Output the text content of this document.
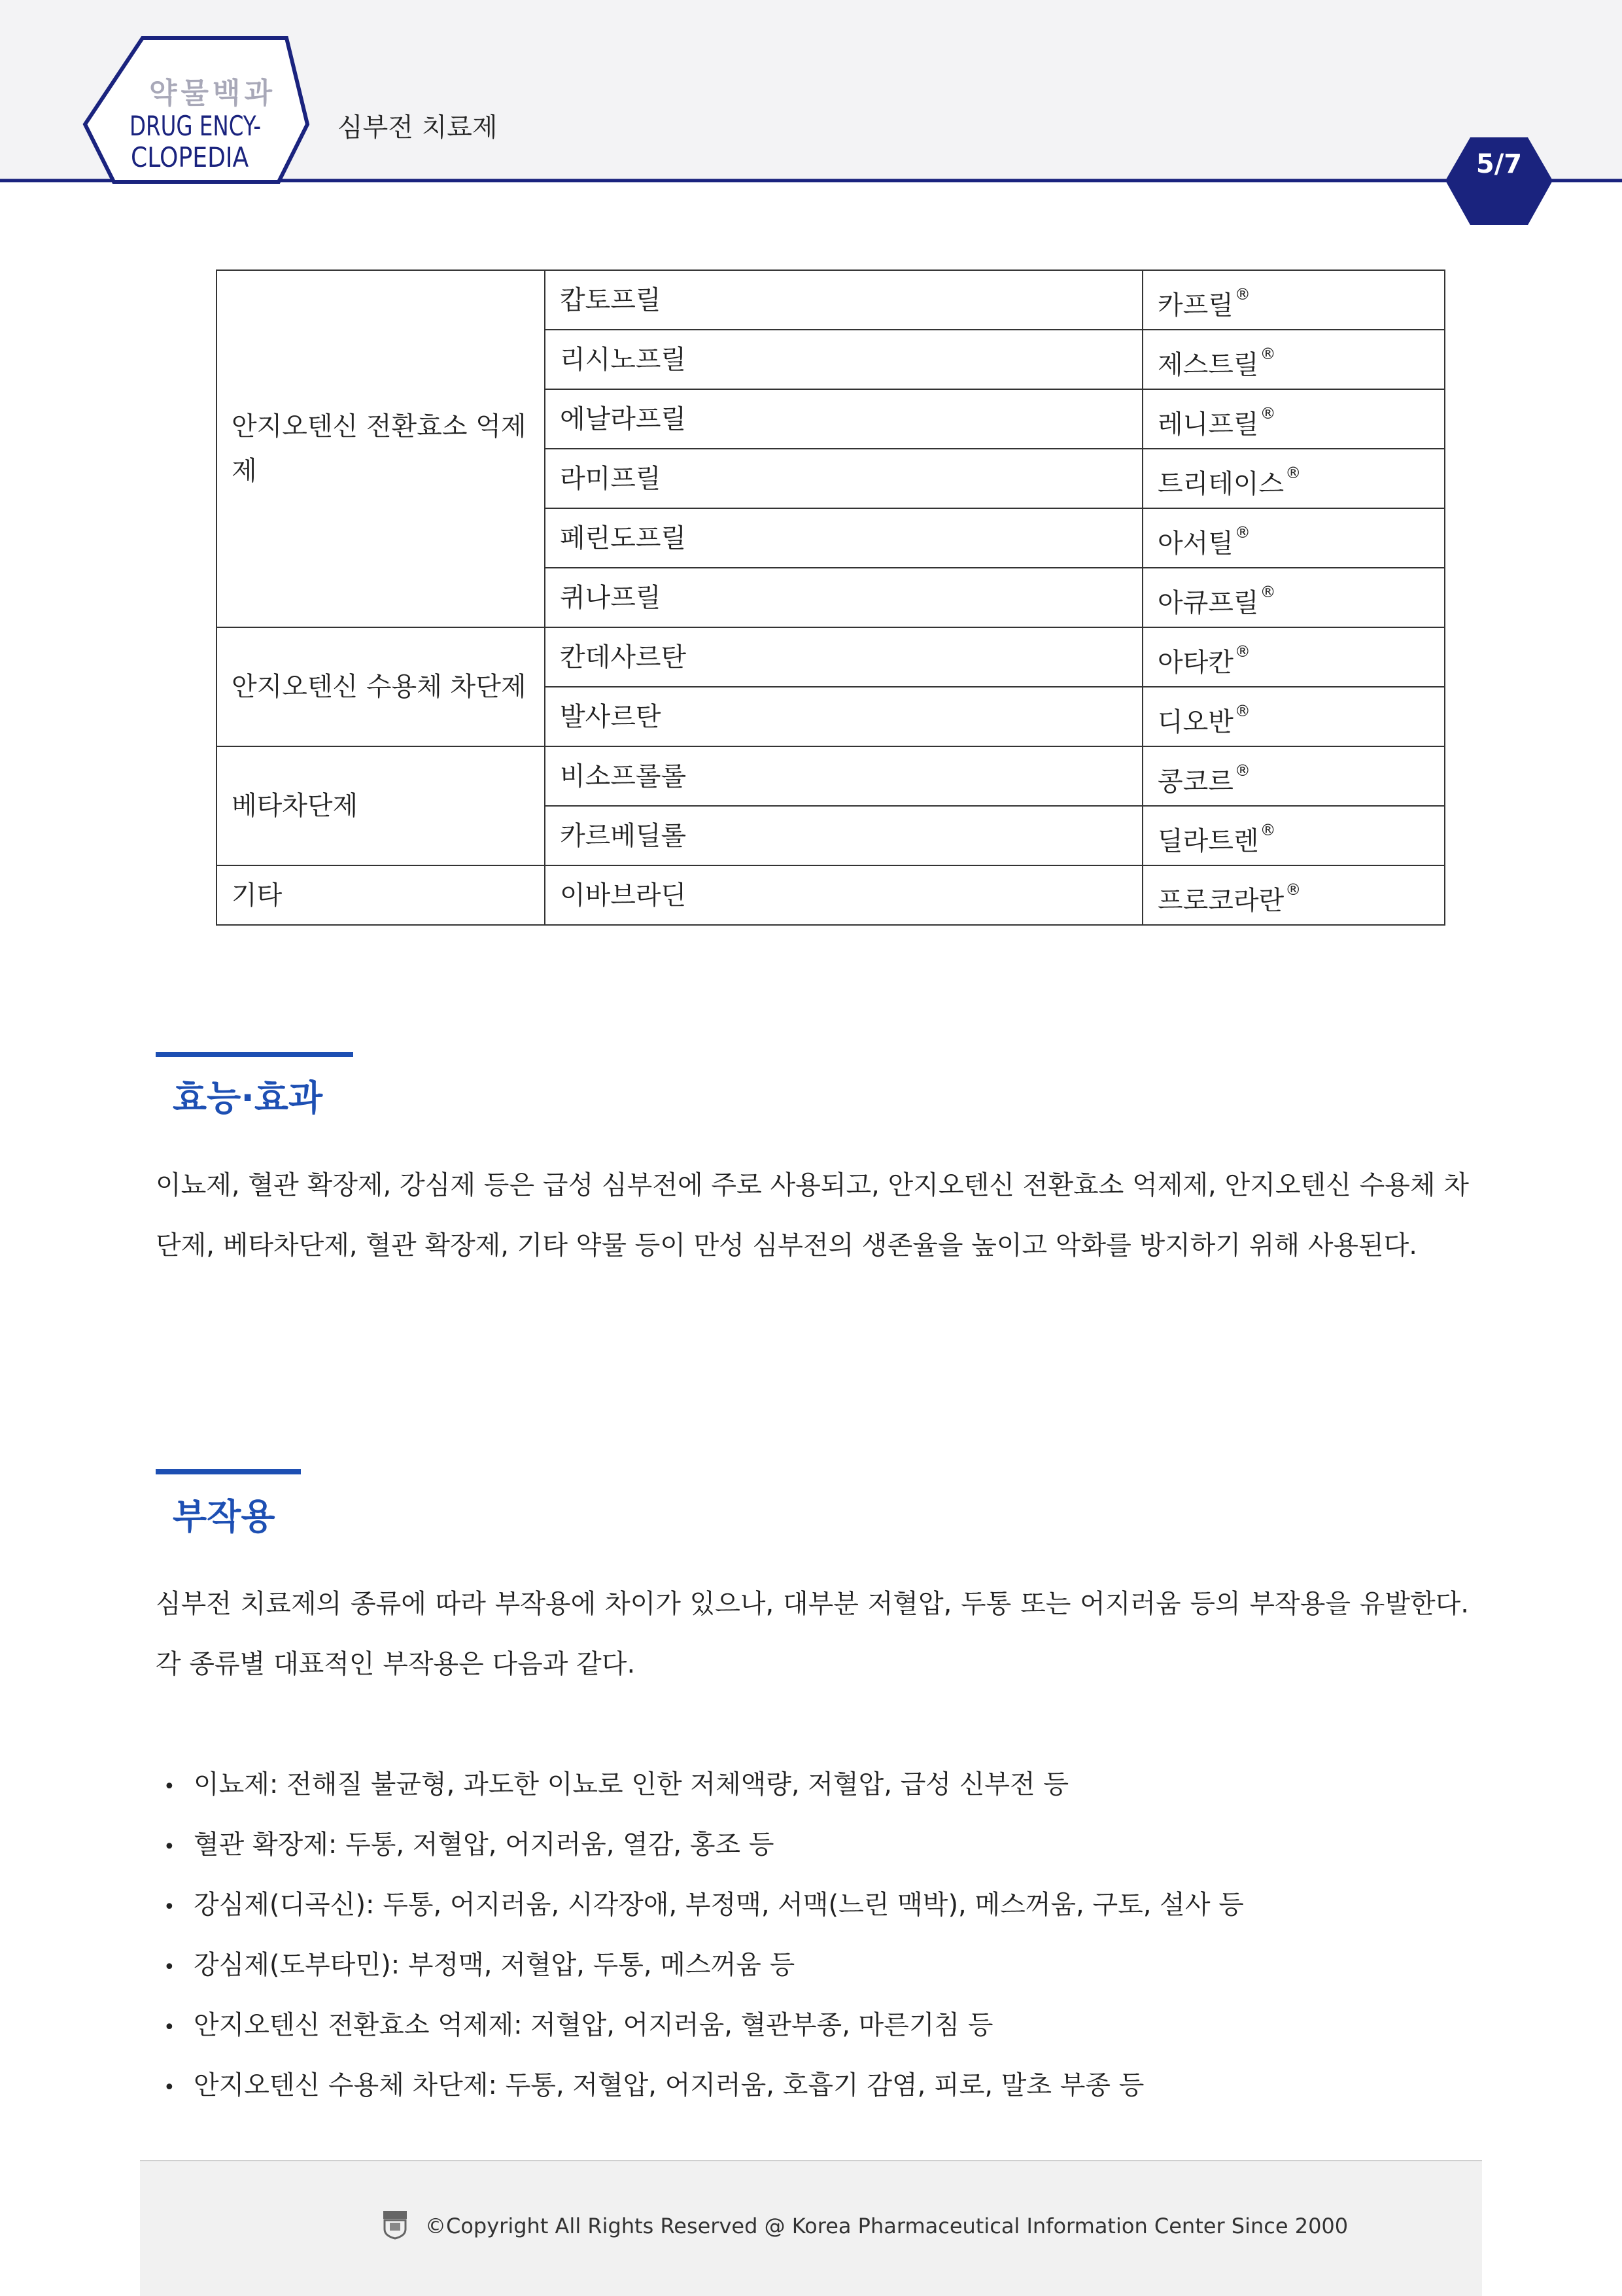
약물백과
DRUG ENCY-
CLOPEDIA
심부전 치료제
5/7
안지오텐신 전환효소 억제제	캅토프릴	카프릴®
	리시노프릴	제스트릴®
	에날라프릴	레니프릴®
	라미프릴	트리테이스®
	페린도프릴	아서틸®
	퀴나프릴	아큐프릴®
안지오텐신 수용체 차단제	칸데사르탄	아타칸®
	발사르탄	디오반®
베타차단제	비소프롤롤	콩코르®
	카르베딜롤	딜라트렌®
기타	이바브라딘	프로코라란®
효능·효과
이뇨제, 혈관 확장제, 강심제 등은 급성 심부전에 주로 사용되고, 안지오텐신 전환효소 억제제, 안지오텐신 수용체 차단제, 베타차단제, 혈관 확장제, 기타 약물 등이 만성 심부전의 생존율을 높이고 악화를 방지하기 위해 사용된다.
부작용
심부전 치료제의 종류에 따라 부작용에 차이가 있으나, 대부분 저혈압, 두통 또는 어지러움 등의 부작용을 유발한다. 각 종류별 대표적인 부작용은 다음과 같다.
• 이뇨제: 전해질 불균형, 과도한 이뇨로 인한 저체액량, 저혈압, 급성 신부전 등
• 혈관 확장제: 두통, 저혈압, 어지러움, 열감, 홍조 등
• 강심제(디곡신): 두통, 어지러움, 시각장애, 부정맥, 서맥(느린 맥박), 메스꺼움, 구토, 설사 등
• 강심제(도부타민): 부정맥, 저혈압, 두통, 메스꺼움 등
• 안지오텐신 전환효소 억제제: 저혈압, 어지러움, 혈관부종, 마른기침 등
• 안지오텐신 수용체 차단제: 두통, 저혈압, 어지러움, 호흡기 감염, 피로, 말초 부종 등
©Copyright All Rights Reserved @ Korea Pharmaceutical Information Center Since 2000
